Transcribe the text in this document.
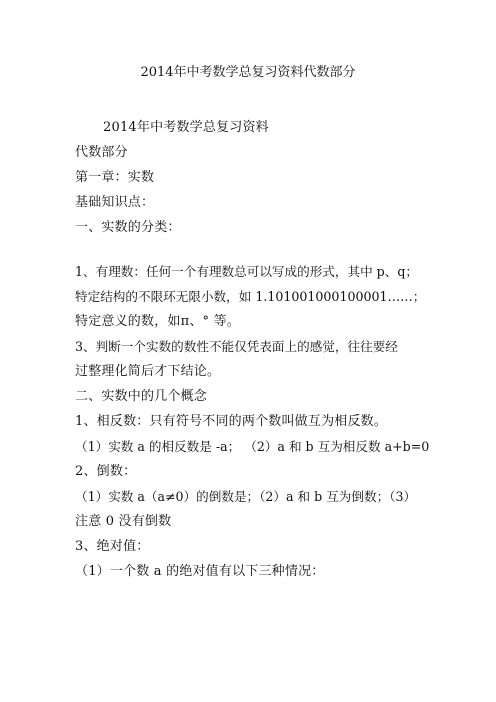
2014年中考数学总复习资料代数部分
2014年中考数学总复习资料
代数部分
第一章：实数
基础知识点：
一、实数的分类：
1、有理数：任何一个有理数总可以写成的形式，其中 p、q；
特定结构的不限环无限小数，如 1.101001000100001……；
特定意义的数，如π、° 等。
3、判断一个实数的数性不能仅凭表面上的感觉，往往要经
过整理化简后才下结论。
二、实数中的几个概念
1、相反数：只有符号不同的两个数叫做互为相反数。
（1）实数 a 的相反数是 -a； （2）a 和 b 互为相反数 a+b=0
2、倒数：
（1）实数 a（a≠0）的倒数是；（2）a 和 b 互为倒数；（3）
注意 0 没有倒数
3、绝对值：
（1）一个数 a 的绝对值有以下三种情况：
